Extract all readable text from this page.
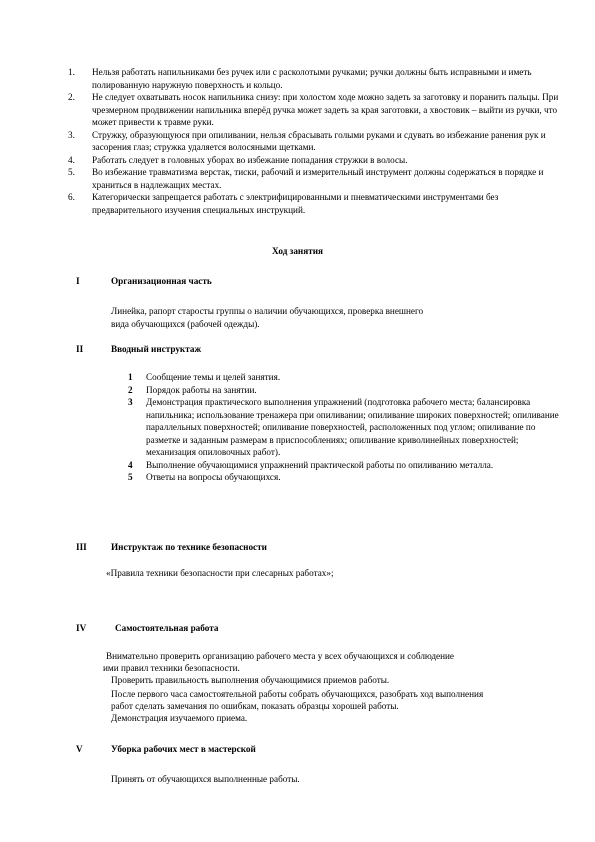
1.	Нельзя работать напильниками без ручек или с расколотыми ручками; ручки должны быть исправными и иметь полированную наружную поверхность и кольцо.
2.	Не следует охватывать носок напильника снизу: при холостом ходе можно задеть за заготовку и поранить пальцы. При чрезмерном продвижении напильника вперёд ручка может задеть за края заготовки, а хвостовик – выйти из ручки, что может привести к травме руки.
3.	Стружку, образующуюся при опиливании, нельзя сбрасывать голыми руками и сдувать во избежание ранения рук и засорения глаз; стружка удаляется волосяными щетками.
4.	Работать следует в головных уборах во избежание попадания стружки в волосы.
5.	Во избежание травматизма верстак, тиски, рабочий и измерительный инструмент должны содержаться в порядке и храниться в надлежащих местах.
6.	Категорически запрещается работать с электрифицированными и пневматическими инструментами без предварительного изучения специальных инструкций.
Ход занятия
I	Организационная часть

Линейка, рапорт старосты группы о наличии обучающихся, проверка внешнего вида обучающихся (рабочей одежды).

II	Вводный инструктаж
1	Сообщение темы и целей занятия.
2	Порядок работы на занятии.
3	Демонстрация практического выполнения упражнений (подготовка рабочего места; балансировка напильника; использование тренажера при опиливании; опиливание широких поверхностей; опиливание параллельных поверхностей; опиливание поверхностей, расположенных под углом; опиливание по разметке и заданным размерам в приспособлениях; опиливание криволинейных поверхностей; механизация опиловочных работ).
4	Выполнение обучающимися упражнений практической работы по опиливанию металла.
5	Ответы на вопросы обучающихся.
III	Инструктаж по технике безопасности

«Правила техники безопасности при слесарных работах»;

IV	Самостоятельная работа

Внимательно проверить организацию рабочего места у всех обучающихся и соблюдение

ими правил техники безопасности.

Проверить правильность выполнения обучающимися приемов работы.

После первого часа самостоятельной работы собрать обучающихся, разобрать ход выполнения

работ сделать замечания по ошибкам, показать образцы хорошей работы.

Демонстрация изучаемого приема.

V	Уборка рабочих мест в мастерской

Принять от обучающихся выполненные работы.
